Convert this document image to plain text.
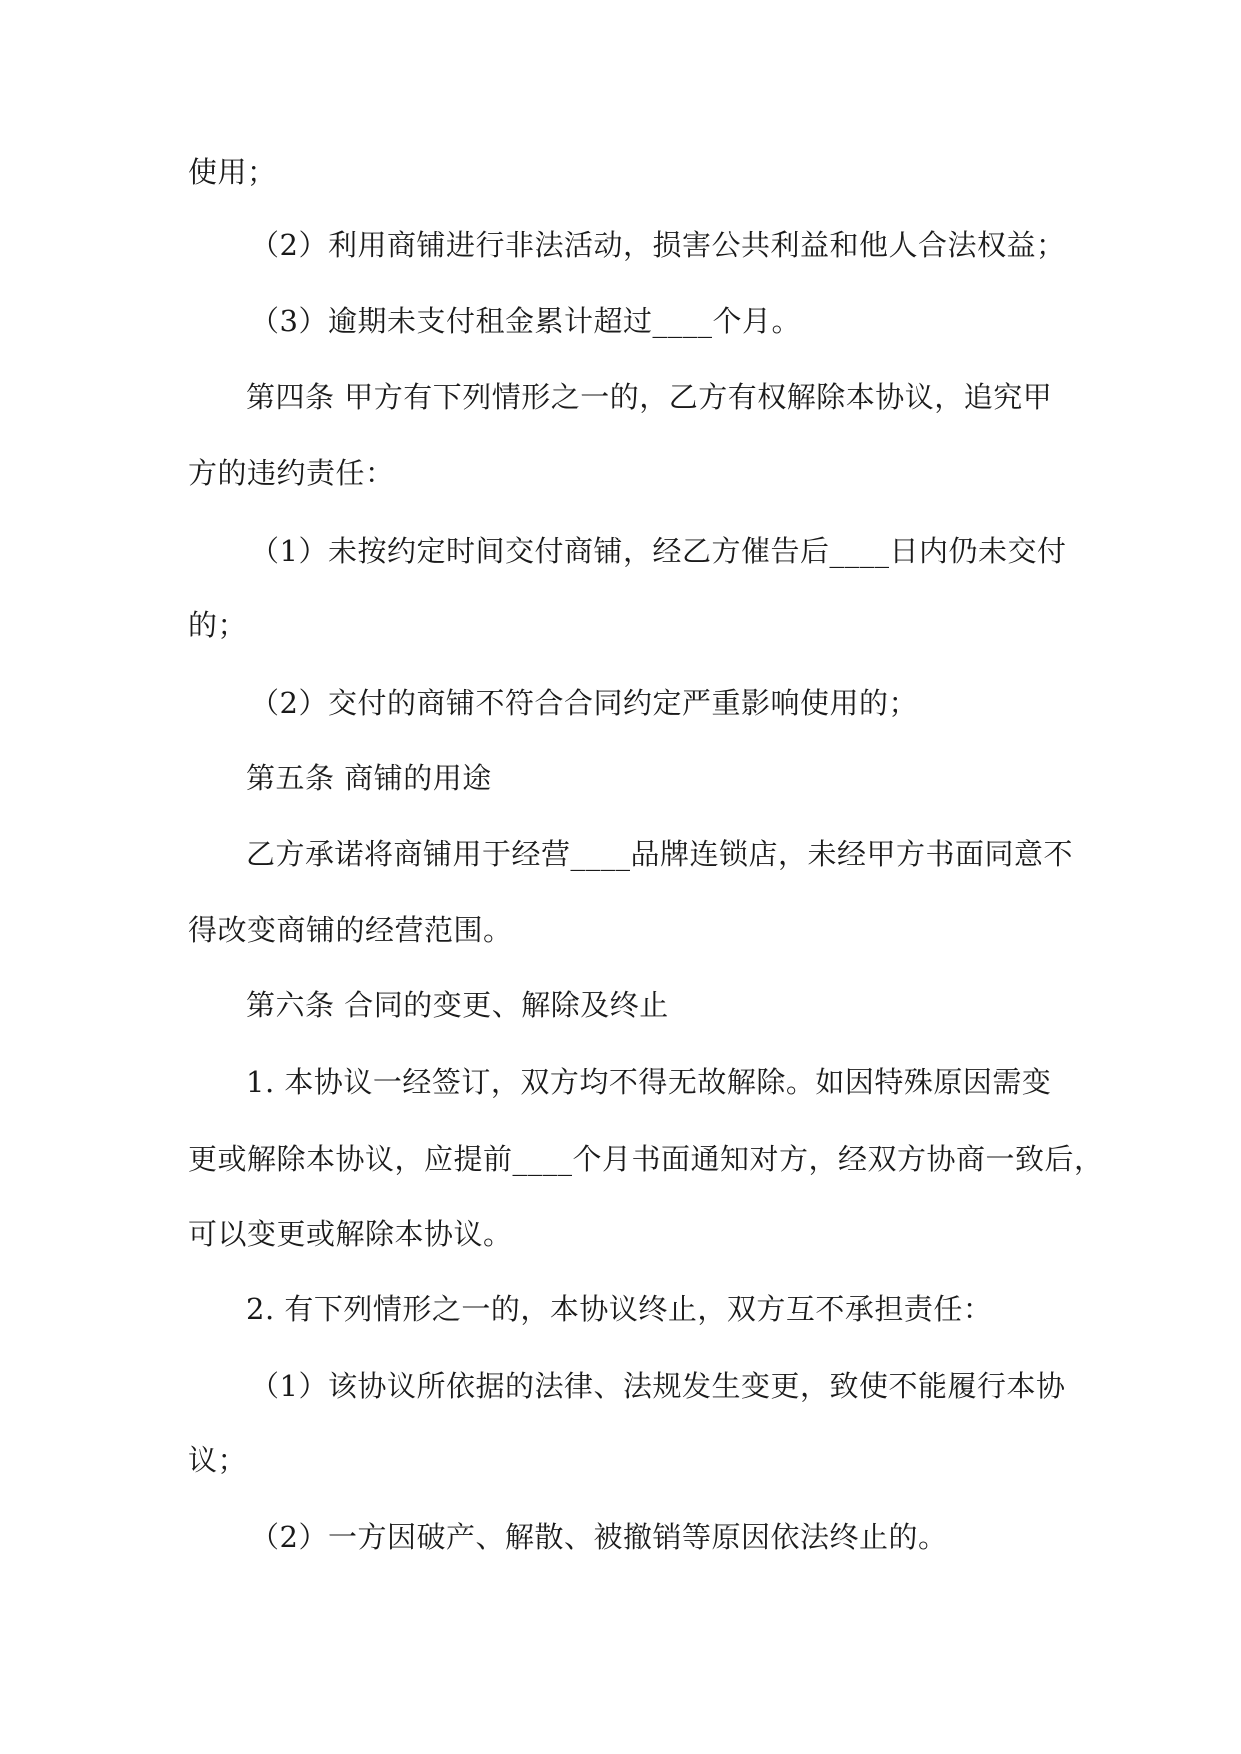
使用；
（2）利用商铺进行非法活动，损害公共利益和他人合法权益；
（3）逾期未支付租金累计超过____个月。
第四条 甲方有下列情形之一的，乙方有权解除本协议，追究甲
方的违约责任：
（1）未按约定时间交付商铺，经乙方催告后____日内仍未交付
的；
（2）交付的商铺不符合合同约定严重影响使用的；
第五条 商铺的用途
乙方承诺将商铺用于经营____品牌连锁店，未经甲方书面同意不
得改变商铺的经营范围。
第六条 合同的变更、解除及终止
1. 本协议一经签订，双方均不得无故解除。如因特殊原因需变
更或解除本协议，应提前____个月书面通知对方，经双方协商一致后，
可以变更或解除本协议。
2. 有下列情形之一的，本协议终止，双方互不承担责任：
（1）该协议所依据的法律、法规发生变更，致使不能履行本协
议；
（2）一方因破产、解散、被撤销等原因依法终止的。
